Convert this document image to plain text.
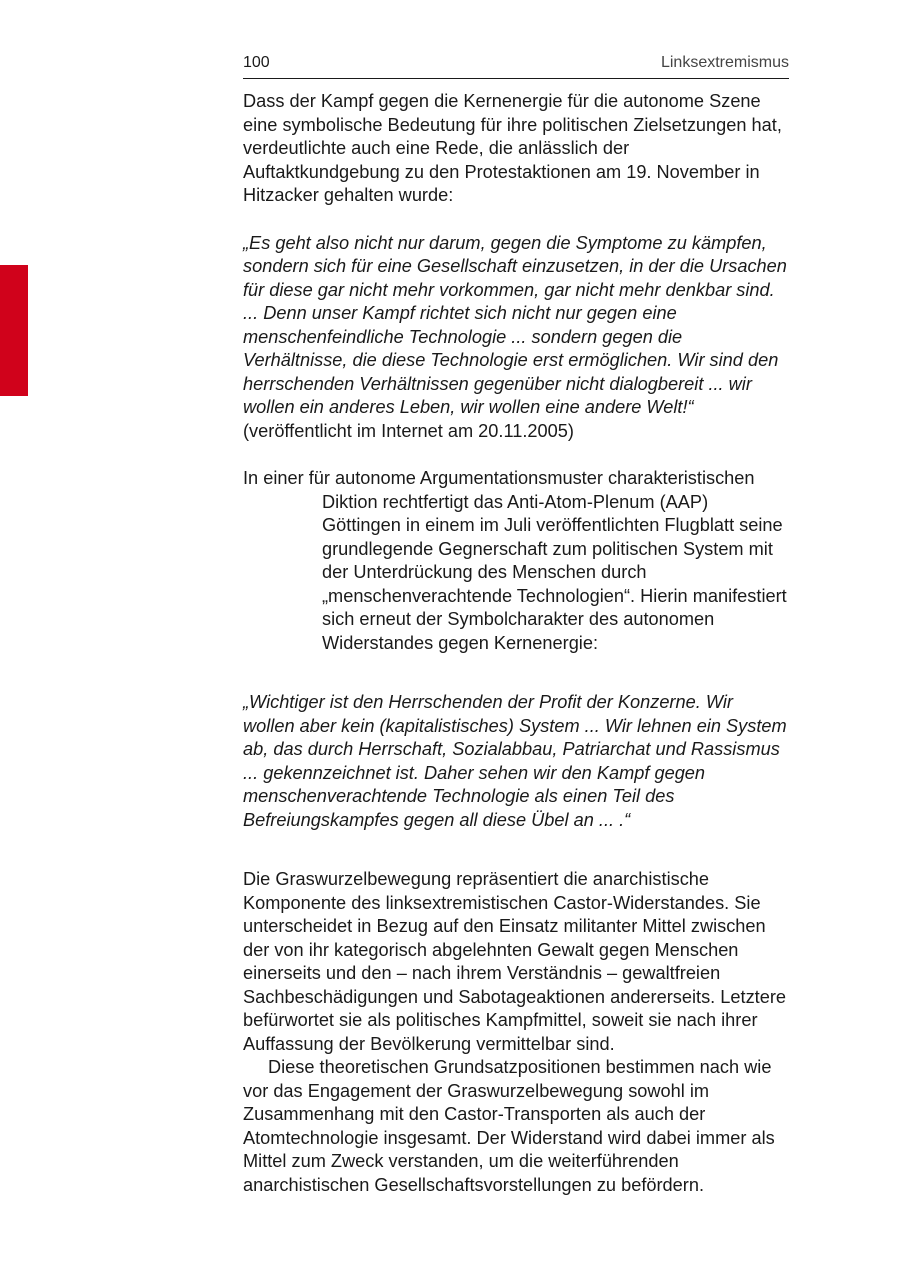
100	Linksextremismus

Dass der Kampf gegen die Kernenergie für die autonome Szene eine symbolische Bedeutung für ihre politischen Zielsetzungen hat, verdeutlichte auch eine Rede, die anlässlich der Auftaktkundgebung zu den Protestaktionen am 19. November in Hitzacker gehalten wurde:

„Es geht also nicht nur darum, gegen die Symptome zu kämpfen, sondern sich für eine Gesellschaft einzusetzen, in der die Ursachen für diese gar nicht mehr vorkommen, gar nicht mehr denkbar sind. ... Denn unser Kampf richtet sich nicht nur gegen eine menschenfeindliche Technologie ... sondern gegen die Verhältnisse, die diese Technologie erst ermöglichen. Wir sind den herrschenden Verhältnissen gegenüber nicht dialogbereit ... wir wollen ein anderes Leben, wir wollen eine andere Welt!“

(veröffentlicht im Internet am 20.11.2005)

In einer für autonome Argumentationsmuster charakteristischen Diktion rechtfertigt das Anti-Atom-Plenum (AAP) Göttingen in einem im Juli veröffentlichten Flugblatt seine grundlegende Gegnerschaft zum politischen System mit der Unterdrückung des Menschen durch „menschenverachtende Technologien“. Hierin manifestiert sich erneut der Symbolcharakter des autonomen Widerstandes gegen Kernenergie:

„Wichtiger ist den Herrschenden der Profit der Konzerne. Wir wollen aber kein (kapitalistisches) System ... Wir lehnen ein System ab, das durch Herrschaft, Sozialabbau, Patriarchat und Rassismus ... gekennzeichnet ist. Daher sehen wir den Kampf gegen menschenverachtende Technologie als einen Teil des Befreiungskampfes gegen all diese Übel an ... .“

Die Graswurzelbewegung repräsentiert die anarchistische Komponente des linksextremistischen Castor-Widerstandes. Sie unterscheidet in Bezug auf den Einsatz militanter Mittel zwischen der von ihr kategorisch abgelehnten Gewalt gegen Menschen einerseits und den – nach ihrem Verständnis – gewaltfreien Sachbeschädigungen und Sabotageaktionen andererseits. Letztere befürwortet sie als politisches Kampfmittel, soweit sie nach ihrer Auffassung der Bevölkerung vermittelbar sind.

Diese theoretischen Grundsatzpositionen bestimmen nach wie vor das Engagement der Graswurzelbewegung sowohl im Zusammenhang mit den Castor-Transporten als auch der Atomtechnologie insgesamt. Der Widerstand wird dabei immer als Mittel zum Zweck verstanden, um die weiterführenden anarchistischen Gesellschaftsvorstellungen zu befördern.
